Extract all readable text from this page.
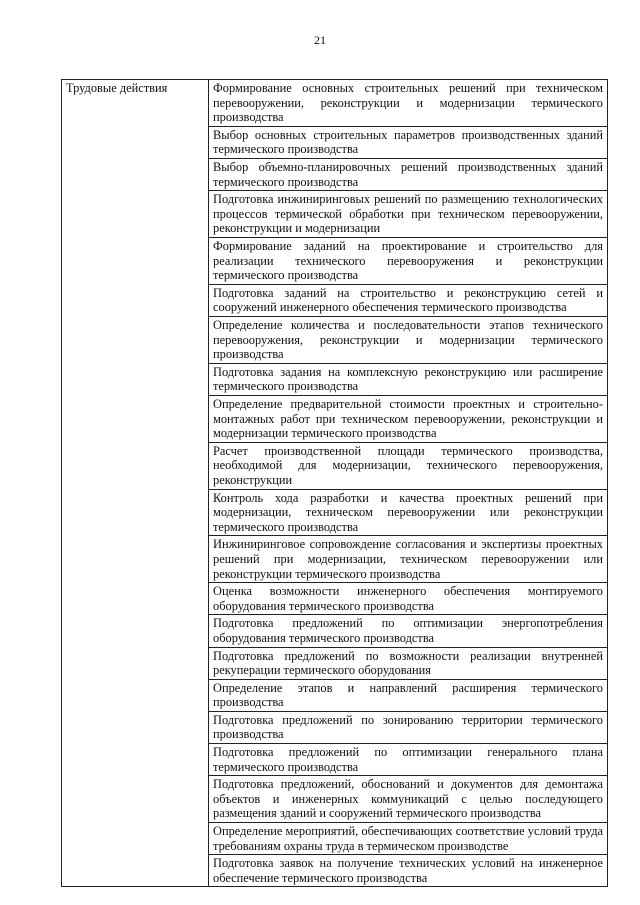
21
Трудовые действия	Формирование основных строительных решений при техническом перевооружении, реконструкции и модернизации термического производства
Выбор основных строительных параметров производственных зданий термического производства
Выбор объемно-планировочных решений производственных зданий термического производства
Подготовка инжиниринговых решений по размещению технологических процессов термической обработки при техническом перевооружении, реконструкции и модернизации
Формирование заданий на проектирование и строительство для реализации технического перевооружения и реконструкции термического производства
Подготовка заданий на строительство и реконструкцию сетей и сооружений инженерного обеспечения термического производства
Определение количества и последовательности этапов технического перевооружения, реконструкции и модернизации термического производства
Подготовка задания на комплексную реконструкцию или расширение термического производства
Определение предварительной стоимости проектных и строительно-монтажных работ при техническом перевооружении, реконструкции и модернизации термического производства
Расчет производственной площади термического производства, необходимой для модернизации, технического перевооружения, реконструкции
Контроль хода разработки и качества проектных решений при модернизации, техническом перевооружении или реконструкции термического производства
Инжиниринговое сопровождение согласования и экспертизы проектных решений при модернизации, техническом перевооружении или реконструкции термического производства
Оценка возможности инженерного обеспечения монтируемого оборудования термического производства
Подготовка предложений по оптимизации энергопотребления оборудования термического производства
Подготовка предложений по возможности реализации внутренней рекуперации термического оборудования
Определение этапов и направлений расширения термического производства
Подготовка предложений по зонированию территории термического производства
Подготовка предложений по оптимизации генерального плана термического производства
Подготовка предложений, обоснований и документов для демонтажа объектов и инженерных коммуникаций с целью последующего размещения зданий и сооружений термического производства
Определение мероприятий, обеспечивающих соответствие условий труда требованиям охраны труда в термическом производстве
Подготовка заявок на получение технических условий на инженерное обеспечение термического производства
